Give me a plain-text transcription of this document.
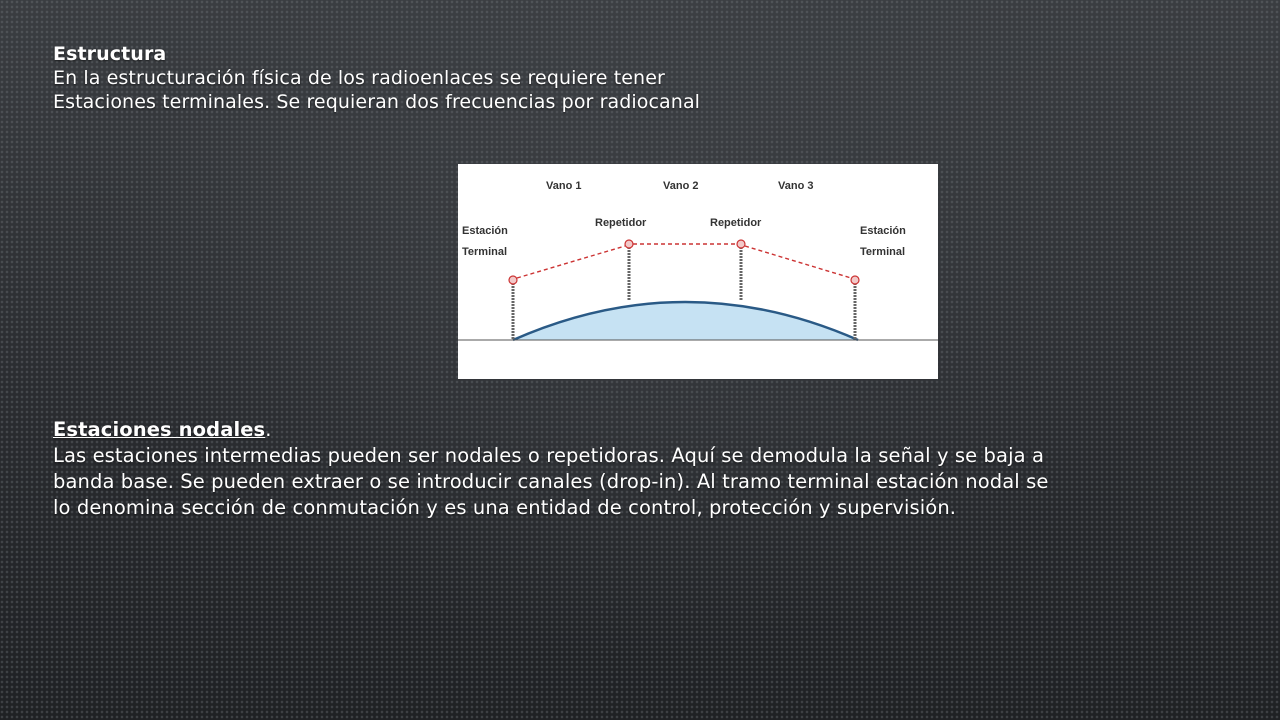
Estructura
En la estructuración física de los radioenlaces se requiere tener
Estaciones terminales. Se requieran dos frecuencias por radiocanal
Vano 1	Vano 2	Vano 3
Estación
Terminal
Repetidor	Repetidor
Estación
Terminal
Estaciones nodales.
Las estaciones intermedias pueden ser nodales o repetidoras. Aquí se demodula la señal y se baja a
banda base. Se pueden extraer o se introducir canales (drop-in). Al tramo terminal estación nodal se
lo denomina sección de conmutación y es una entidad de control, protección y supervisión.
